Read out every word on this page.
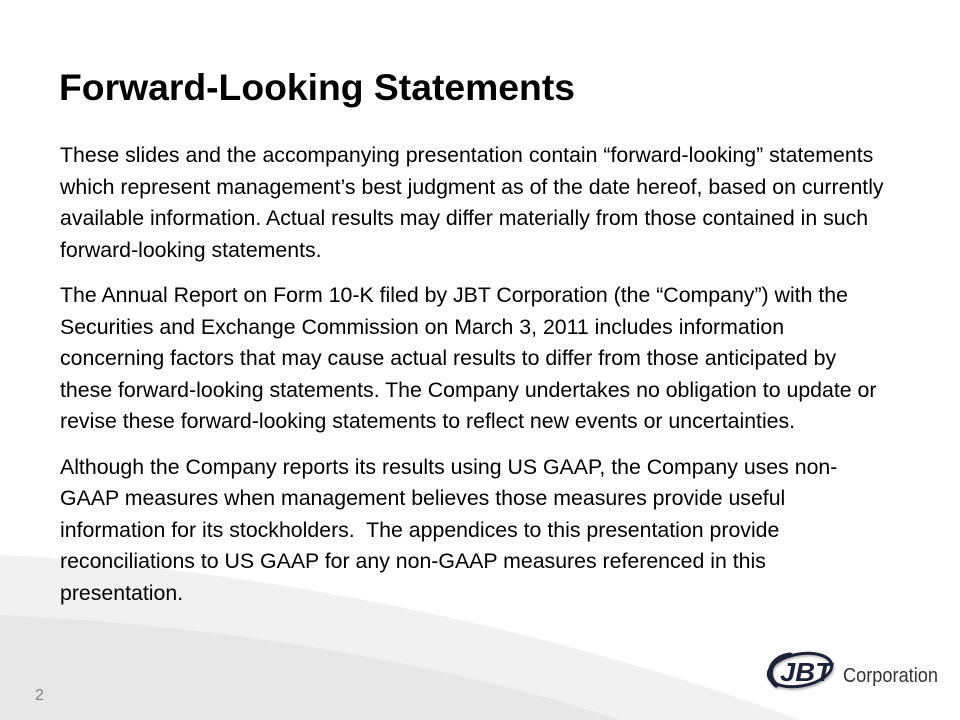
Forward-Looking Statements
These slides and the accompanying presentation contain “forward-looking” statements
which represent management’s best judgment as of the date hereof, based on currently
available information. Actual results may differ materially from those contained in such
forward-looking statements.
The Annual Report on Form 10-K filed by JBT Corporation (the “Company”) with the
Securities and Exchange Commission on March 3, 2011 includes information
concerning factors that may cause actual results to differ from those anticipated by
these forward-looking statements. The Company undertakes no obligation to update or
revise these forward-looking statements to reflect new events or uncertainties.
Although the Company reports its results using US GAAP, the Company uses non-
GAAP measures when management believes those measures provide useful
information for its stockholders.  The appendices to this presentation provide
reconciliations to US GAAP for any non-GAAP measures referenced in this
presentation.
2
JBT Corporation
